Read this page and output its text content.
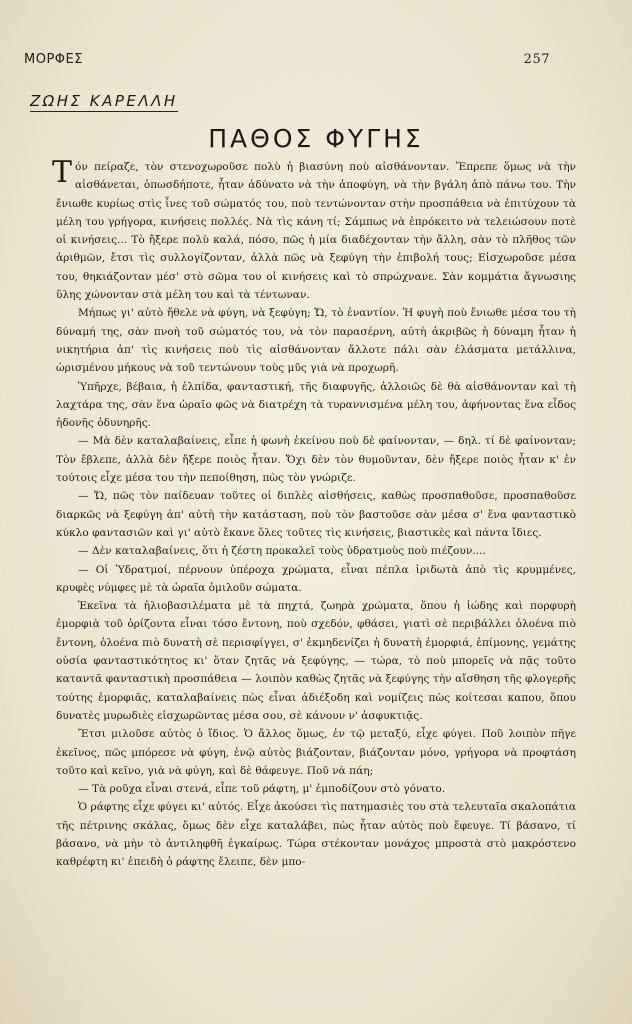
ΜΟΡΦΕΣ	257
ΖΩΗΣ ΚΑΡΕΛΛΗ
ΠΑΘΟΣ ΦΥΓΗΣ

Τόν πείραζε, τὸν στενοχωροῦσε πολὺ ἡ βιασύνη ποὺ αἰσθάνονταν. Ἔπρεπε ὅμως νὰ τὴν αἰσθάνεται, ὁπωσδήποτε, ἦταν ἀδύνατο νὰ τὴν ἀποφύγη, νὰ τὴν βγάλη ἀπὸ πάνω του. Τὴν ἔνιωθε κυρίως στὶς ἶνες τοῦ σώματός του, ποὺ τεντώνονταν στὴν προσπάθεια νὰ ἐπιτύχουν τὰ μέλη του γρήγορα, κινήσεις πολλές. Νὰ τὶς κάνη τί; Σάμπως νὰ ἐπρόκειτο νὰ τελειώσουν ποτὲ οἱ κινήσεις... Τὸ ἤξερε πολὺ καλά, πόσο, πῶς ἡ μία διαδέχονταν τὴν ἄλλη, σὰν τὸ πλῆθος τῶν ἀριθμῶν, ἔτσι τὶς συλλογίζονταν, ἀλλὰ πῶς νὰ ξεφύγη τὴν ἐπιβολή τους; Εἰσχωροῦσε μέσα του, θηκιάζονταν μέσ' στὸ σῶμα του οἱ κινήσεις καὶ τὸ σπρώχνανε. Σὰν κομμάτια ἄγνωσιης ὕλης χώνονταν στὰ μέλη του καὶ τὰ τέντωναν.

Μήπως γι' αὐτὸ ἤθελε νὰ φύγη, νὰ ξεφύγη; Ὤ, τὸ ἐναντίον. Ἡ φυγὴ ποὺ ἔνιωθε μέσα του τὴ δύναμή της, σὰν πνοὴ τοῦ σώματός του, νὰ τὸν παρασέρνη, αὐτὴ ἀκριβῶς ἡ δύναμη ἦταν ἡ νικητήρια ἀπ' τὶς κινήσεις ποὺ τὶς αἰσθάνονταν ἄλλοτε πάλι σὰν ἐλάσματα μετάλλινα, ὡρισμένου μήκους νὰ τοῦ τεντώνουν τοὺς μῦς γιὰ νὰ προχωρῆ.

Ὑπῆρχε, βέβαια, ἡ ἐλπίδα, φανταστική, τῆς διαφυγῆς, ἀλλοιῶς δὲ θὰ αἰσθάνονταν καὶ τὴ λαχτάρα της, σὰν ἕνα ὡραῖο φῶς νὰ διατρέχη τὰ τυραννισμένα μέλη του, ἀφήνοντας ἕνα εἶδος ἡδονῆς ὀδυνηρῆς.

— Μὰ δὲν καταλαβαίνεις, εἶπε ἡ φωνὴ ἐκείνου ποὺ δὲ φαίνονταν, — δηλ. τί δὲ φαίνονταν; Τὸν ἔβλεπε, ἀλλὰ δὲν ἤξερε ποιὸς ἦταν. Ὄχι δὲν τὸν θυμοῦνταν, δὲν ἤξερε ποιὸς ἦταν κ' ἐν τούτοις εἶχε μέσα του τὴν πεποίθηση, πὼς τὸν γνώριζε.

— Ὤ, πῶς τὸν παίδευαν τοῦτες οἱ διπλὲς αἰσθήσεις, καθὼς προσπαθοῦσε, προσπαθοῦσε διαρκῶς νὰ ξεφύγη ἀπ' αὐτὴ τὴν κατάσταση, ποὺ τὸν βαστοῦσε σὰν μέσα σ' ἕνα φανταστικὸ κύκλο φαντασιῶν καὶ γι' αὐτὸ ἔκανε ὅλες τοῦτες τὶς κινήσεις, βιαστικὲς καὶ πάντα ἴδιες.

— Δὲν καταλαβαίνεις, ὅτι ἡ ζέστη προκαλεῖ τοὺς ὑδρατμοὺς ποὺ πιέζουν....

— Οἱ Ὑδρατμοί, πέρνουν ὑπέροχα χρώματα, εἶναι πέπλα ἰριδωτὰ ἀπὸ τὶς κρυμμένες, κρυφὲς νύμφες μὲ τὰ ὡραῖα ὁμιλοῦν σώματα.

Ἐκεῖνα τὰ ἡλιοβασιλέματα μὲ τὰ πηχτά, ζωηρὰ χρώματα, ὅπου ἡ ἰώδης καὶ πορφυρὴ ἐμορφιὰ τοῦ ὁρίζοντα εἶναι τόσο ἔντονη, ποὺ σχεδόν, φθάσει, γιατὶ σὲ περιβάλλει ὁλοένα πιὸ ἔντονη, ὁλοένα πιὸ δυνατὴ σὲ περισφίγγει, σ' ἐκμηδενίζει ἡ δυνατὴ ἐμορφιά, ἐπίμονης, γεμάτης οὐσία φανταστικότητος κι' ὅταν ζητᾶς νὰ ξεφύγης, — τώρα, τὸ ποὺ μπορεῖς νὰ πᾷς τοῦτο καταντᾶ φανταστικὴ προσπάθεια — λοιπὸν καθὼς ζητᾶς νὰ ξεφύγης τὴν αἴσθηση τῆς φλογερῆς τούτης ἐμορφιᾶς, καταλαβαίνεις πὼς εἶναι ἀδιέξοδη καὶ νομίζεις πὼς κοίτεσαι καπου, ὅπου δυνατὲς μυρωδιὲς εἰσχωρῶντας μέσα σου, σὲ κάνουν ν' ἀσφυκτιᾷς.

Ἔτσι μιλοῦσε αὐτὸς ὁ ἴδιος. Ὁ ἄλλος ὅμως, ἐν τῷ μεταξύ, εἶχε φύγει. Ποῦ λοιπὸν πῆγε ἐκεῖνος, πῶς μπόρεσε νὰ φύγη, ἐνῷ αὐτὸς βιάζονταν, βιάζονταν μόνο, γρήγορα νὰ προφτάση τοῦτο καὶ κεῖνο, γιὰ νὰ φύγη, καὶ δὲ θάφευγε. Ποῦ νὰ πάη;

— Τὰ ροῦχα εἶναι στενά, εἶπε τοῦ ράφτη, μ' ἐμποδίζουν στὸ γόνατο.

Ὁ ράφτης εἶχε φύγει κι' αὐτός. Εἶχε ἀκούσει τὶς πατημασιὲς του στὰ τελευταῖα σκαλοπάτια τῆς πέτρινης σκάλας, ὅμως δὲν εἶχε καταλάβει, πὼς ἦταν αὐτὸς ποὺ ἔφευγε. Τί βάσανο, τί βάσανο, νὰ μὴν τὸ ἀντιληφθῆ ἐγκαίρως. Τώρα στέκονταν μονάχος μπροστὰ στὸ μακρόστενο καθρέφτη κι' ἐπειδὴ ὁ ράφτης ἔλειπε, δὲν μπο-
